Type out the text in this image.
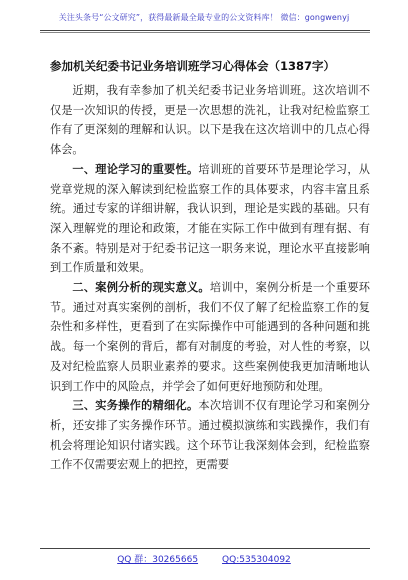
关注头条号“公文研究”，获得最新最全最专业的公文资料库！ 微信：gongwenyj
参加机关纪委书记业务培训班学习心得体会（1387字）

近期，我有幸参加了机关纪委书记业务培训班。这次培训不仅是一次知识的传授，更是一次思想的洗礼，让我对纪检监察工作有了更深刻的理解和认识。以下是我在这次培训中的几点心得体会。

一、理论学习的重要性。培训班的首要环节是理论学习，从党章党规的深入解读到纪检监察工作的具体要求，内容丰富且系统。通过专家的详细讲解，我认识到，理论是实践的基础。只有深入理解党的理论和政策，才能在实际工作中做到有理有据、有条不紊。特别是对于纪委书记这一职务来说，理论水平直接影响到工作质量和效果。

二、案例分析的现实意义。培训中，案例分析是一个重要环节。通过对真实案例的剖析，我们不仅了解了纪检监察工作的复杂性和多样性，更看到了在实际操作中可能遇到的各种问题和挑战。每一个案例的背后，都有对制度的考验，对人性的考察，以及对纪检监察人员职业素养的要求。这些案例使我更加清晰地认识到工作中的风险点，并学会了如何更好地预防和处理。

三、实务操作的精细化。本次培训不仅有理论学习和案例分析，还安排了实务操作环节。通过模拟演练和实践操作，我们有机会将理论知识付诸实践。这个环节让我深刻体会到，纪检监察工作不仅需要宏观上的把控，更需要

QQ 群：30265665	QQ:535304092
